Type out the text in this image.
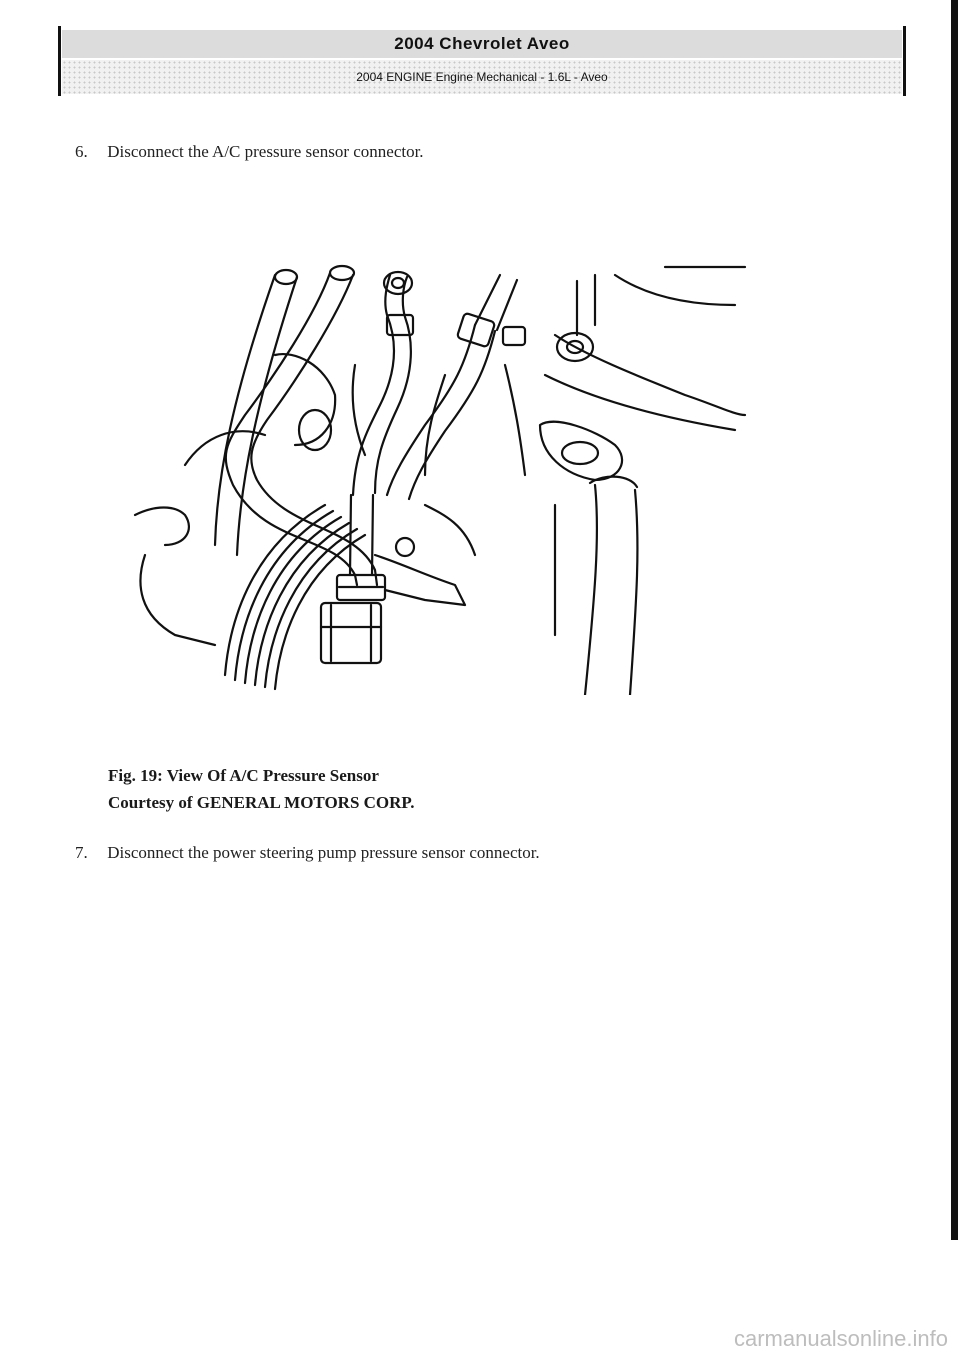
2004 Chevrolet Aveo
2004 ENGINE Engine Mechanical - 1.6L - Aveo
6. Disconnect the A/C pressure sensor connector.
Fig. 19: View Of A/C Pressure Sensor
Courtesy of GENERAL MOTORS CORP.
7. Disconnect the power steering pump pressure sensor connector.
carmanualsonline.info
